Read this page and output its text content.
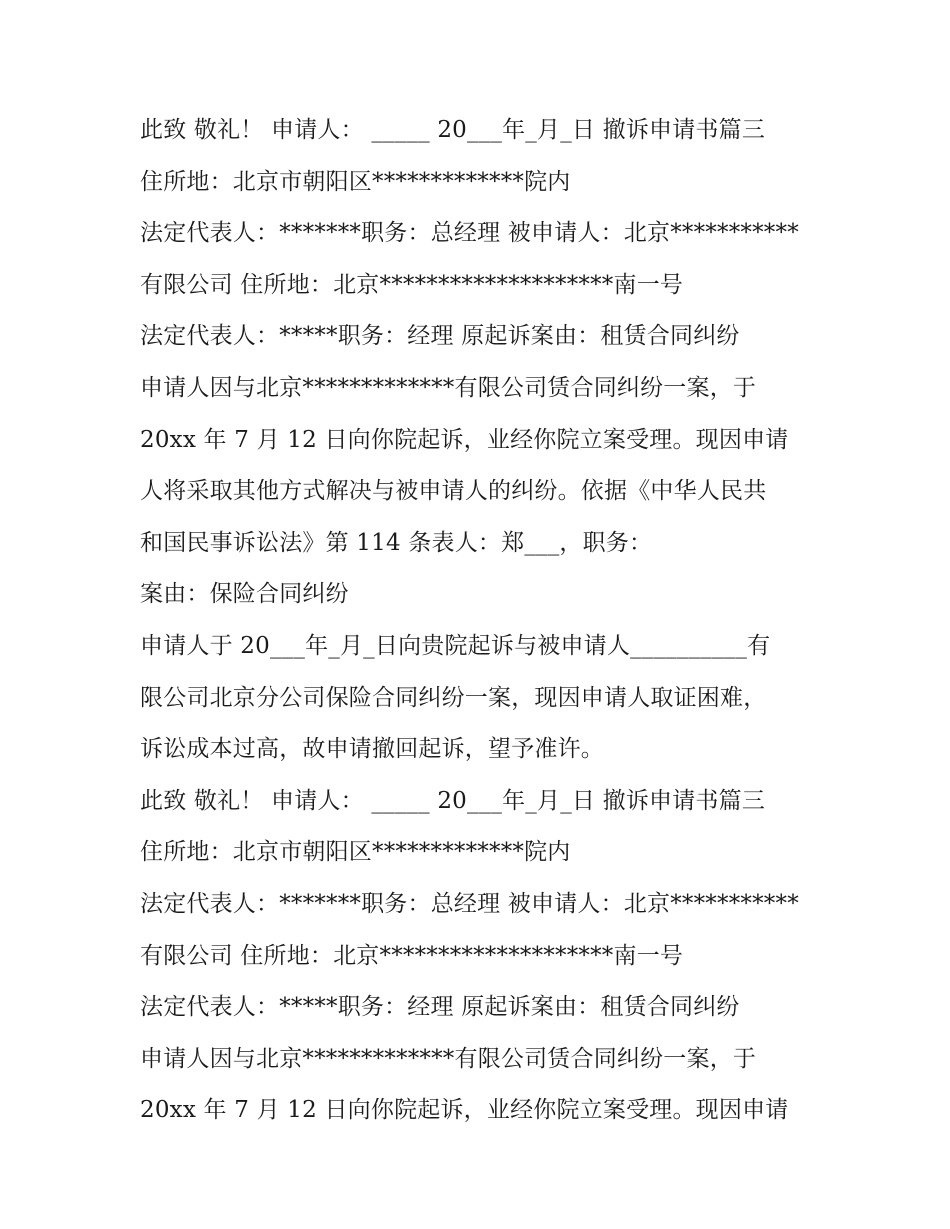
此致 敬礼！ 申请人： _____ 20___年_月_日 撤诉申请书篇三
住所地：北京市朝阳区*************院内
法定代表人：*******职务：总经理 被申请人：北京***********
有限公司 住所地：北京********************南一号
法定代表人：*****职务：经理 原起诉案由：租赁合同纠纷
申请人因与北京*************有限公司赁合同纠纷一案，于
20xx 年 7 月 12 日向你院起诉，业经你院立案受理。现因申请
人将采取其他方式解决与被申请人的纠纷。依据《中华人民共
和国民事诉讼法》第 114 条表人：郑___，职务：
案由：保险合同纠纷
申请人于 20___年_月_日向贵院起诉与被申请人__________有
限公司北京分公司保险合同纠纷一案，现因申请人取证困难，
诉讼成本过高，故申请撤回起诉，望予准许。
此致 敬礼！ 申请人： _____ 20___年_月_日 撤诉申请书篇三
住所地：北京市朝阳区*************院内
法定代表人：*******职务：总经理 被申请人：北京***********
有限公司 住所地：北京********************南一号
法定代表人：*****职务：经理 原起诉案由：租赁合同纠纷
申请人因与北京*************有限公司赁合同纠纷一案，于
20xx 年 7 月 12 日向你院起诉，业经你院立案受理。现因申请
